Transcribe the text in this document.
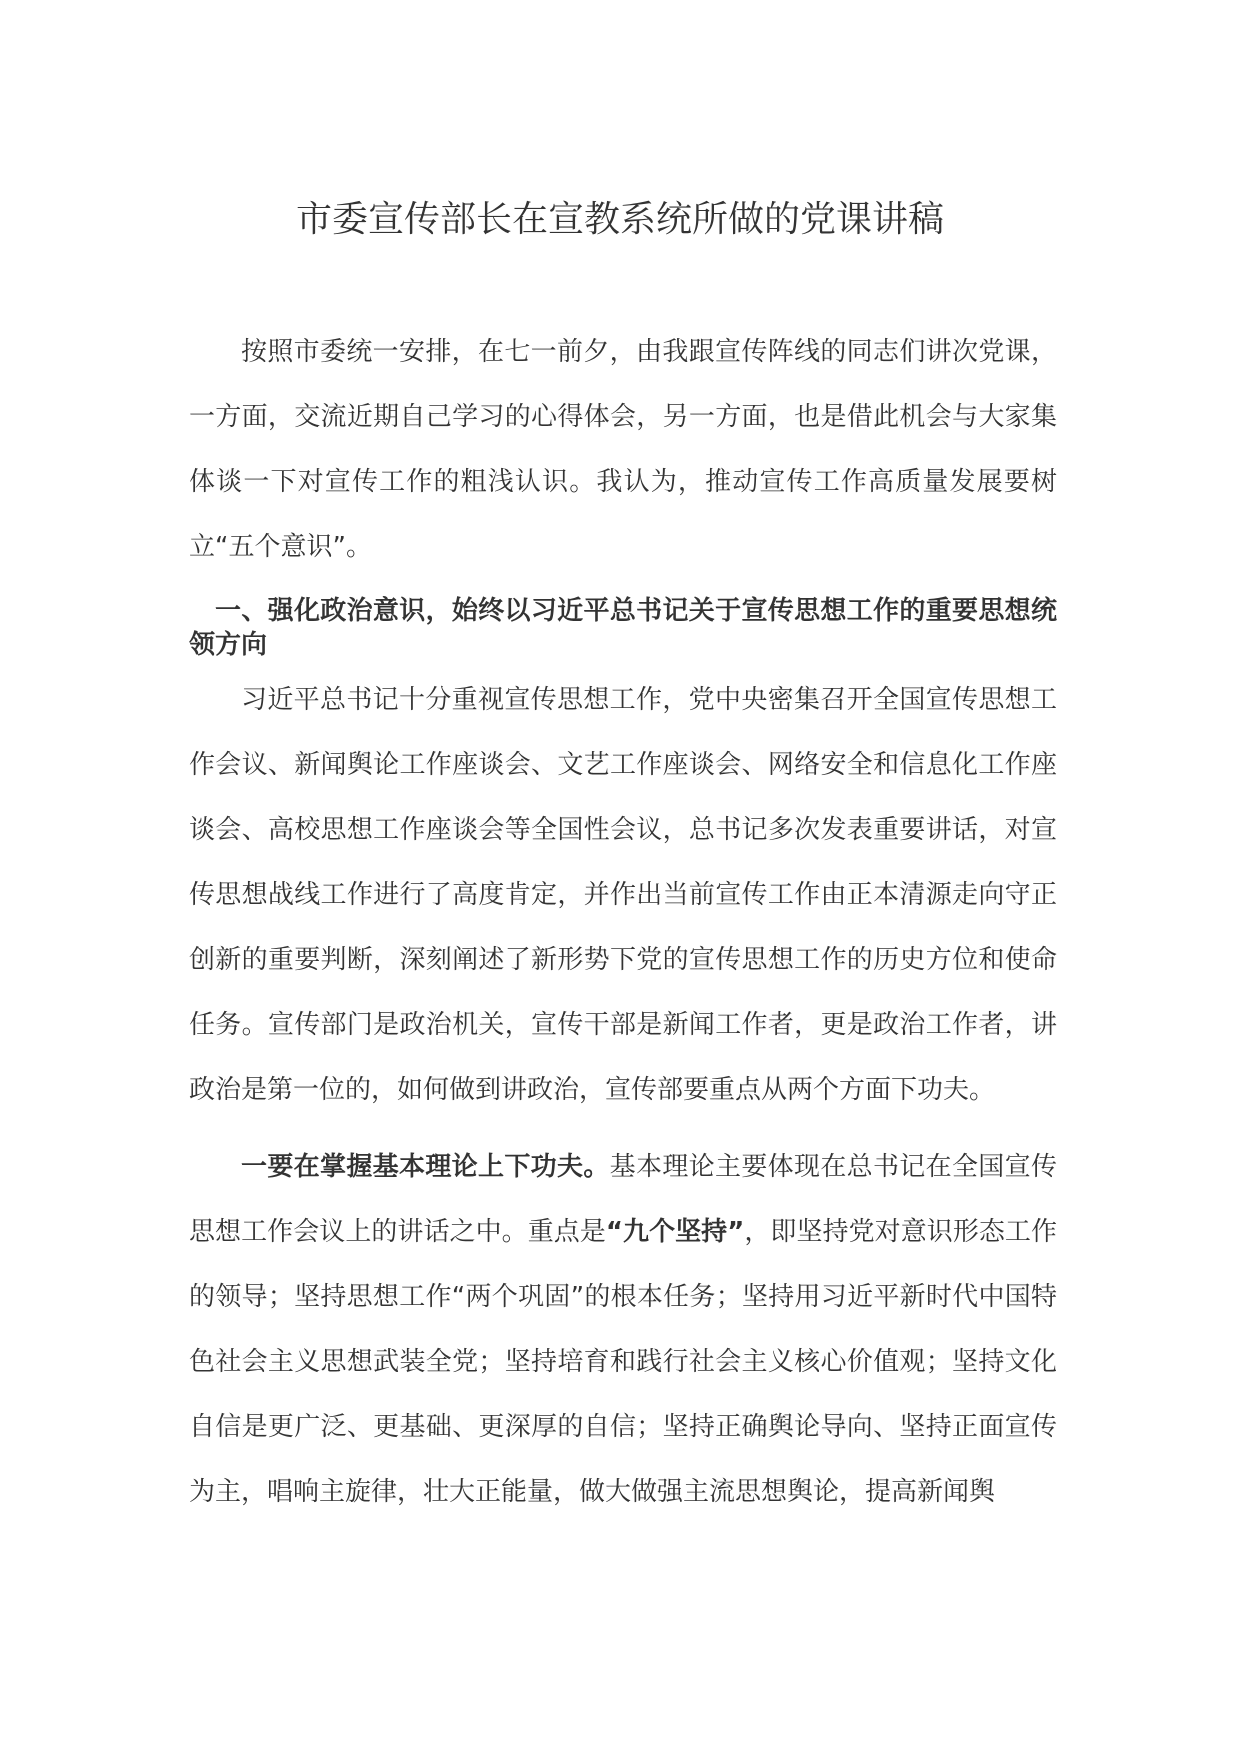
市委宣传部长在宣教系统所做的党课讲稿

按照市委统一安排，在七一前夕，由我跟宣传阵线的同志们讲次党课，一方面，交流近期自己学习的心得体会，另一方面，也是借此机会与大家集体谈一下对宣传工作的粗浅认识。我认为，推动宣传工作高质量发展要树立“五个意识”。

一、强化政治意识，始终以习近平总书记关于宣传思想工作的重要思想统领方向

习近平总书记十分重视宣传思想工作，党中央密集召开全国宣传思想工作会议、新闻舆论工作座谈会、文艺工作座谈会、网络安全和信息化工作座谈会、高校思想工作座谈会等全国性会议，总书记多次发表重要讲话，对宣传思想战线工作进行了高度肯定，并作出当前宣传工作由正本清源走向守正创新的重要判断，深刻阐述了新形势下党的宣传思想工作的历史方位和使命任务。宣传部门是政治机关，宣传干部是新闻工作者，更是政治工作者，讲政治是第一位的，如何做到讲政治，宣传部要重点从两个方面下功夫。

一要在掌握基本理论上下功夫。基本理论主要体现在总书记在全国宣传思想工作会议上的讲话之中。重点是“九个坚持”，即坚持党对意识形态工作的领导；坚持思想工作“两个巩固”的根本任务；坚持用习近平新时代中国特色社会主义思想武装全党；坚持培育和践行社会主义核心价值观；坚持文化自信是更广泛、更基础、更深厚的自信；坚持正确舆论导向、坚持正面宣传为主，唱响主旋律，壮大正能量，做大做强主流思想舆论，提高新闻舆
